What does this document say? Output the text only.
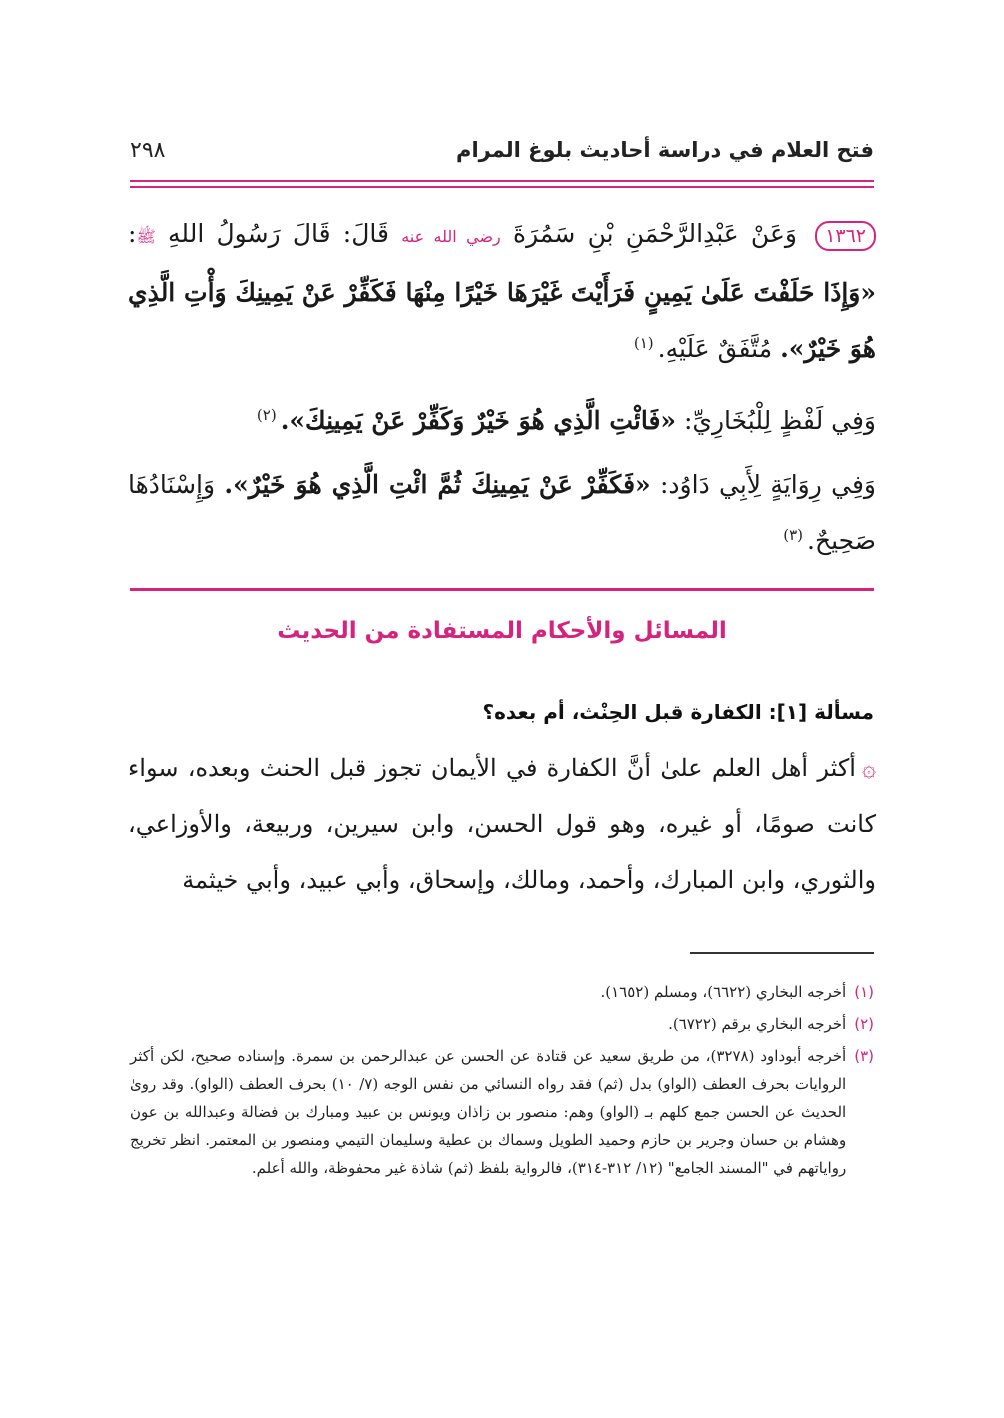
فتح العلام في دراسة أحاديث بلوغ المرام
٢٩٨
١٣٦٢ وَعَنْ عَبْدِالرَّحْمَنِ بْنِ سَمُرَةَ رضي الله عنه قَالَ: قَالَ رَسُولُ اللهِ ﷺ: «وَإِذَا حَلَفْتَ عَلَىٰ يَمِينٍ فَرَأَيْتَ غَيْرَهَا خَيْرًا مِنْهَا فَكَفِّرْ عَنْ يَمِينِكَ وَأْتِ الَّذِي هُوَ خَيْرٌ». مُتَّفَقٌ عَلَيْهِ.$^{(١)}$
وَفِي لَفْظٍ لِلْبُخَارِيِّ: «فَائْتِ الَّذِي هُوَ خَيْرٌ وَكَفِّرْ عَنْ يَمِينِكَ».$^{(٢)}$
وَفِي رِوَايَةٍ لِأَبِي دَاوُد: «فَكَفِّرْ عَنْ يَمِينِكَ ثُمَّ ائْتِ الَّذِي هُوَ خَيْرٌ». وَإِسْنَادُهَا صَحِيحٌ.$^{(٣)}$
المسائل والأحكام المستفادة من الحديث
مسألة [١]: الكفارة قبل الحِنْث، أم بعده؟
۞أكثر أهل العلم علىٰ أنَّ الكفارة في الأيمان تجوز قبل الحنث وبعده، سواء كانت صومًا، أو غيره، وهو قول الحسن، وابن سيرين، وربيعة، والأوزاعي، والثوري، وابن المبارك، وأحمد، ومالك، وإسحاق، وأبي عبيد، وأبي خيثمة
(١)
أخرجه البخاري (٦٦٢٢)، ومسلم (١٦٥٢).
(٢)
أخرجه البخاري برقم (٦٧٢٢).
(٣)
أخرجه أبوداود (٣٢٧٨)، من طريق سعيد عن قتادة عن الحسن عن عبدالرحمن بن سمرة. وإسناده صحيح، لكن أكثر الروايات بحرف العطف (الواو) بدل (ثم) فقد رواه النسائي من نفس الوجه (٧/ ١٠) بحرف العطف (الواو). وقد روىٰ الحديث عن الحسن جمع كلهم بـ (الواو) وهم: منصور بن زاذان ويونس بن عبيد ومبارك بن فضالة وعبدالله بن عون وهشام بن حسان وجرير بن حازم وحميد الطويل وسماك بن عطية وسليمان التيمي ومنصور بن المعتمر. انظر تخريج رواياتهم في "المسند الجامع" (١٢/ ٣١٢-٣١٤)، فالرواية بلفظ (ثم) شاذة غير محفوظة، والله أعلم.
